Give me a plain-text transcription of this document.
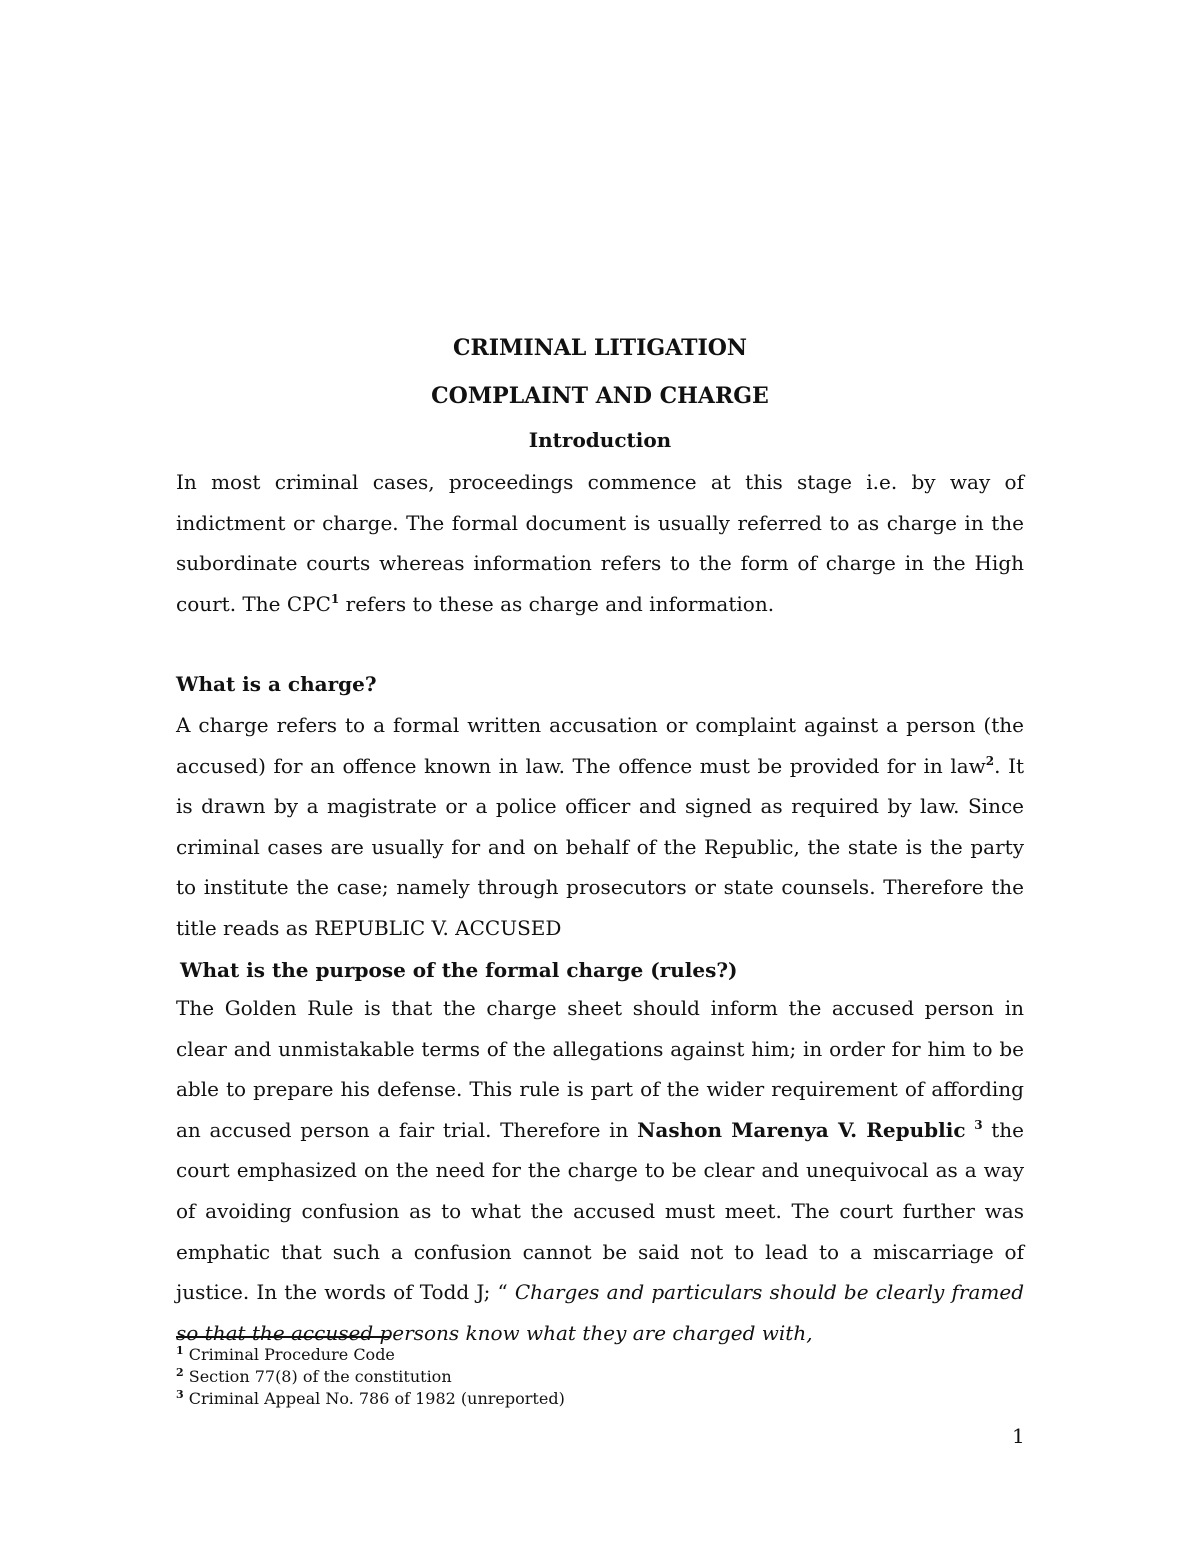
CRIMINAL LITIGATION
COMPLAINT AND CHARGE
Introduction

In most criminal cases, proceedings commence at this stage i.e. by way of indictment or charge. The formal document is usually referred to as charge in the subordinate courts whereas information refers to the form of charge in the High court. The CPC$^1$ refers to these as charge and information.

What is a charge?

A charge refers to a formal written accusation or complaint against a person (the accused) for an offence known in law. The offence must be provided for in law$^2$. It is drawn by a magistrate or a police officer and signed as required by law. Since criminal cases are usually for and on behalf of the Republic, the state is the party to institute the case; namely through prosecutors or state counsels. Therefore the title reads as REPUBLIC V. ACCUSED

What is the purpose of the formal charge (rules?)

The Golden Rule is that the charge sheet should inform the accused person in clear and unmistakable terms of the allegations against him; in order for him to be able to prepare his defense. This rule is part of the wider requirement of affording an accused person a fair trial. Therefore in Nashon Marenya V. Republic $^3$ the court emphasized on the need for the charge to be clear and unequivocal as a way of avoiding confusion as to what the accused must meet. The court further was emphatic that such a confusion cannot be said not to lead to a miscarriage of justice. In the words of Todd J; “ Charges and particulars should be clearly framed so that the accused persons know what they are charged with,

$^1$ Criminal Procedure Code
$^2$ Section 77(8) of the constitution
$^3$ Criminal Appeal No. 786 of 1982 (unreported)
1
